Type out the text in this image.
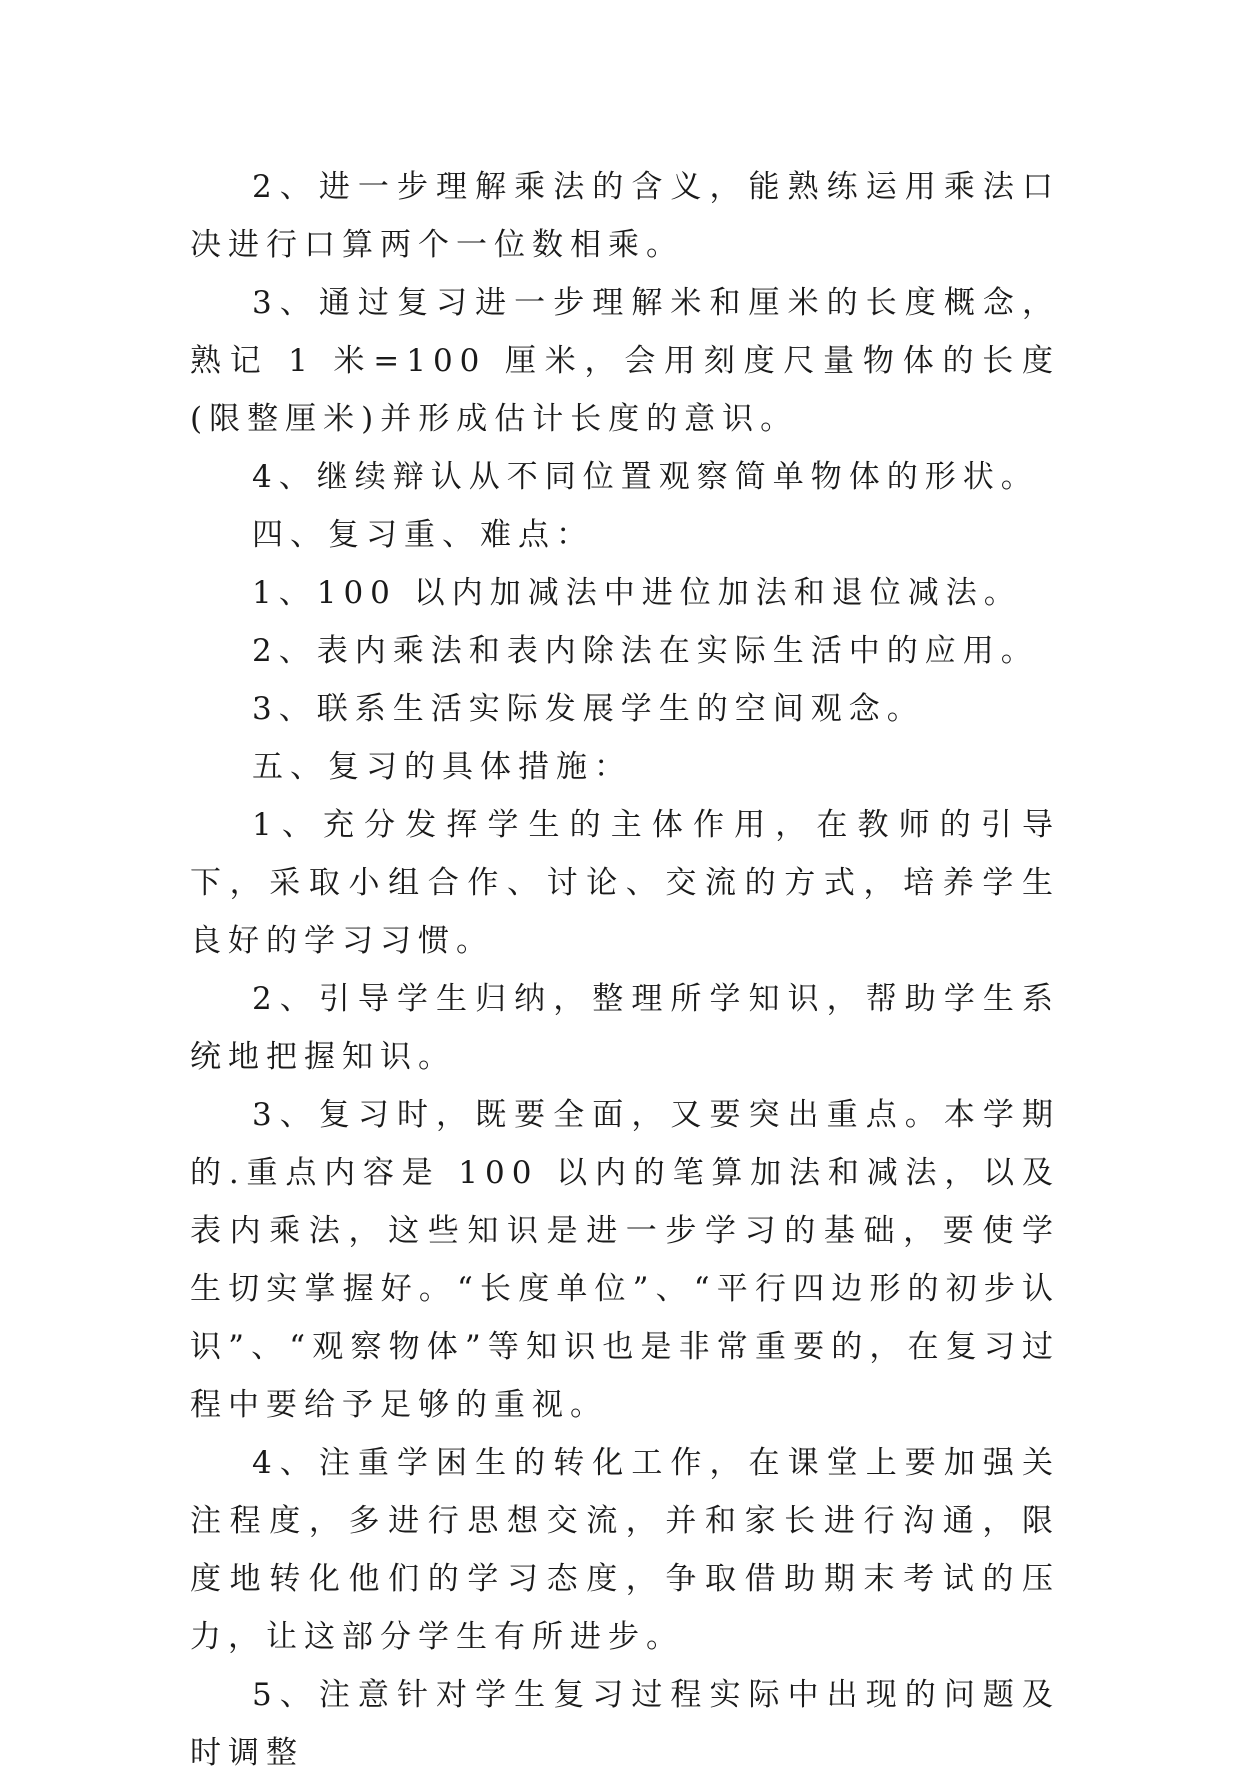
2、进一步理解乘法的含义，能熟练运用乘法口决进行口算两个一位数相乘。

3、通过复习进一步理解米和厘米的长度概念，熟记 1 米=100 厘米，会用刻度尺量物体的长度(限整厘米)并形成估计长度的意识。

4、继续辩认从不同位置观察简单物体的形状。

四、复习重、难点：

1、100 以内加减法中进位加法和退位减法。

2、表内乘法和表内除法在实际生活中的应用。

3、联系生活实际发展学生的空间观念。

五、复习的具体措施：

1、充分发挥学生的主体作用，在教师的引导下，采取小组合作、讨论、交流的方式，培养学生良好的学习习惯。

2、引导学生归纳，整理所学知识，帮助学生系统地把握知识。

3、复习时，既要全面，又要突出重点。本学期的.重点内容是 100 以内的笔算加法和减法，以及表内乘法，这些知识是进一步学习的基础，要使学生切实掌握好。“长度单位”、“平行四边形的初步认识”、“观察物体”等知识也是非常重要的，在复习过程中要给予足够的重视。

4、注重学困生的转化工作，在课堂上要加强关注程度，多进行思想交流，并和家长进行沟通，限度地转化他们的学习态度，争取借助期末考试的压力，让这部分学生有所进步。

5、注意针对学生复习过程实际中出现的问题及时调整
